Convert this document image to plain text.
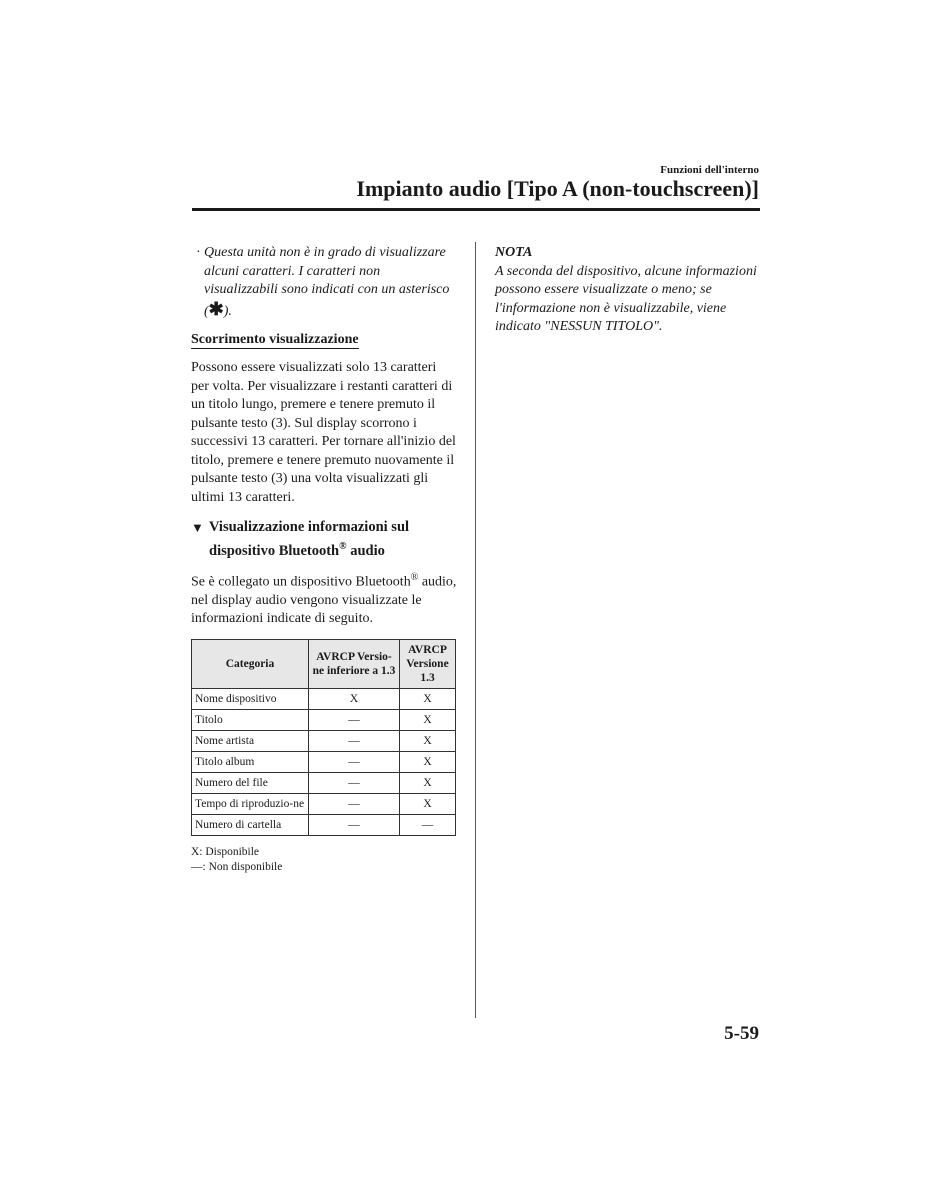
Funzioni dell'interno
Impianto audio [Tipo A (non-touchscreen)]
· Questa unità non è in grado di visualizzare alcuni caratteri. I caratteri non visualizzabili sono indicati con un asterisco (✱).
Scorrimento visualizzazione

Possono essere visualizzati solo 13 caratteri per volta. Per visualizzare i restanti caratteri di un titolo lungo, premere e tenere premuto il pulsante testo (3). Sul display scorrono i successivi 13 caratteri. Per tornare all'inizio del titolo, premere e tenere premuto nuovamente il pulsante testo (3) una volta visualizzati gli ultimi 13 caratteri.

▼ Visualizzazione informazioni sul dispositivo Bluetooth® audio

Se è collegato un dispositivo Bluetooth® audio, nel display audio vengono visualizzate le informazioni indicate di seguito.

Categoria	AVRCP Versio-ne inferiore a 1.3	AVRCP Versione 1.3
Nome dispositivo	X	X
Titolo	—	X
Nome artista	—	X
Titolo album	—	X
Numero del file	—	X
Tempo di riproduzio-ne	—	X
Numero di cartella	—	—
X: Disponibile
—: Non disponibile
NOTA
A seconda del dispositivo, alcune informazioni possono essere visualizzate o meno; se l'informazione non è visualizzabile, viene indicato "NESSUN TITOLO".
5-59
